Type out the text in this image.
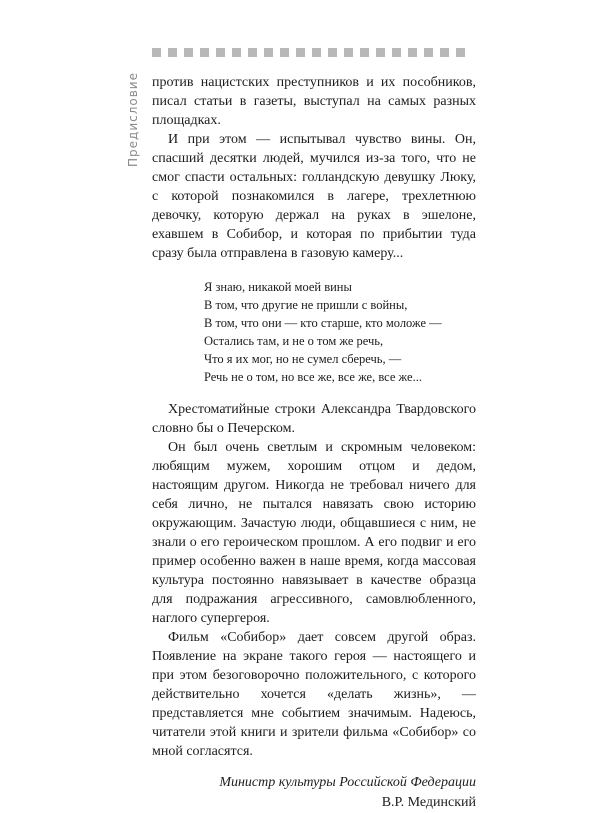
Предисловие против нацистских преступников и их пособников, писал статьи в газеты, выступал на самых разных площадках.

И при этом — испытывал чувство вины. Он, спасший десятки людей, мучился из-за того, что не смог спасти остальных: голландскую девушку Люку, с которой познакомился в лагере, трехлетнюю девочку, которую держал на руках в эшелоне, ехавшем в Собибор, и которая по прибытии туда сразу была отправлена в газовую камеру...

Я знаю, никакой моей вины
В том, что другие не пришли с войны,
В том, что они — кто старше, кто моложе —
Остались там, и не о том же речь,
Что я их мог, но не сумел сберечь, —
Речь не о том, но все же, все же, все же...

Хрестоматийные строки Александра Твардовского словно бы о Печерском.

Он был очень светлым и скромным человеком: любящим мужем, хорошим отцом и дедом, настоящим другом. Никогда не требовал ничего для себя лично, не пытался навязать свою историю окружающим. Зачастую люди, общавшиеся с ним, не знали о его героическом прошлом. А его подвиг и его пример особенно важен в наше время, когда массовая культура постоянно навязывает в качестве образца для подражания агрессивного, самовлюбленного, наглого супергероя.

Фильм «Собибор» дает совсем другой образ. Появление на экране такого героя — настоящего и при этом безоговорочно положительного, с которого действительно хочется «делать жизнь», — представляется мне событием значимым. Надеюсь, читатели этой книги и зрители фильма «Собибор» со мной согласятся.

Министр культуры Российской Федерации
В.Р. Мединский
